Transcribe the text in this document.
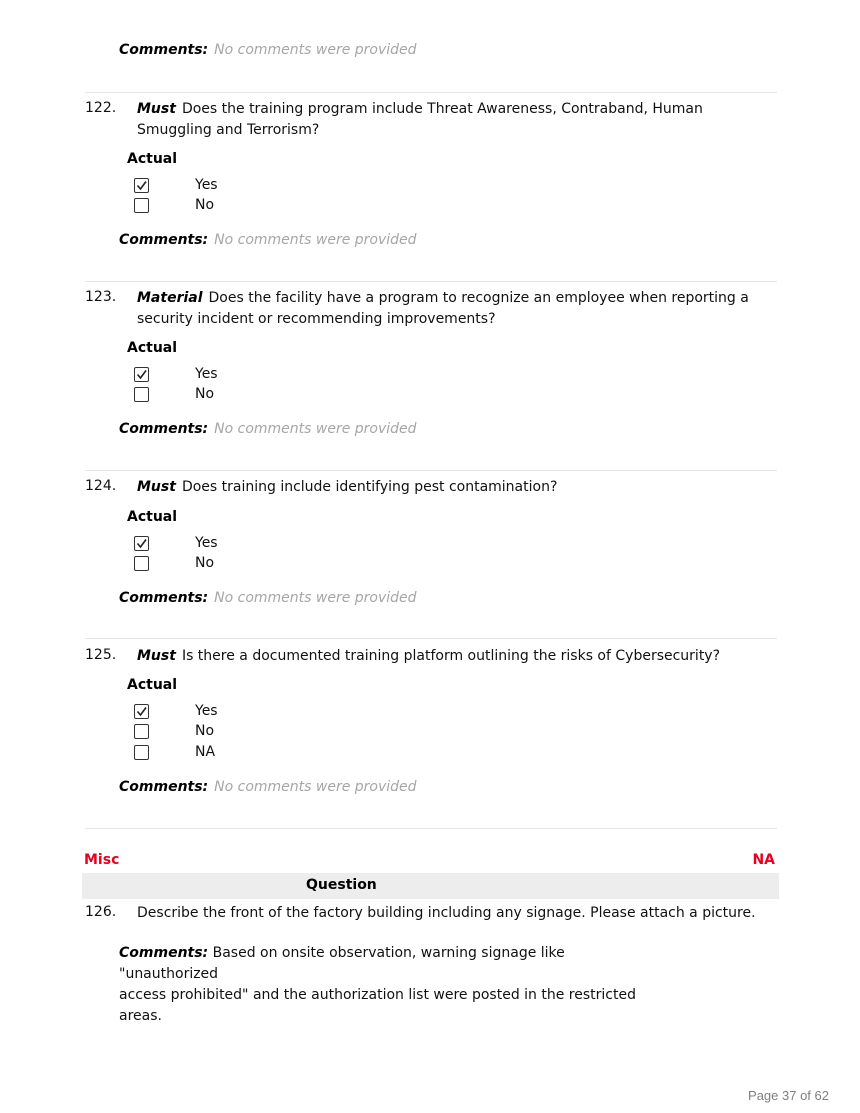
Comments: No comments were provided
122. Must Does the training program include Threat Awareness, Contraband, Human Smuggling and Terrorism?
Actual
Yes
No
Comments: No comments were provided
123. Material Does the facility have a program to recognize an employee when reporting a security incident or recommending improvements?
Actual
Yes
No
Comments: No comments were provided
124. Must Does training include identifying pest contamination?
Actual
Yes
No
Comments: No comments were provided
125. Must Is there a documented training platform outlining the risks of Cybersecurity?
Actual
Yes
No
NA
Comments: No comments were provided
Misc	NA
Question
126. Describe the front of the factory building including any signage. Please attach a picture.
Comments: Based on onsite observation, warning signage like "unauthorized
access prohibited" and the authorization list were posted in the restricted
areas.
Page 37 of 62
